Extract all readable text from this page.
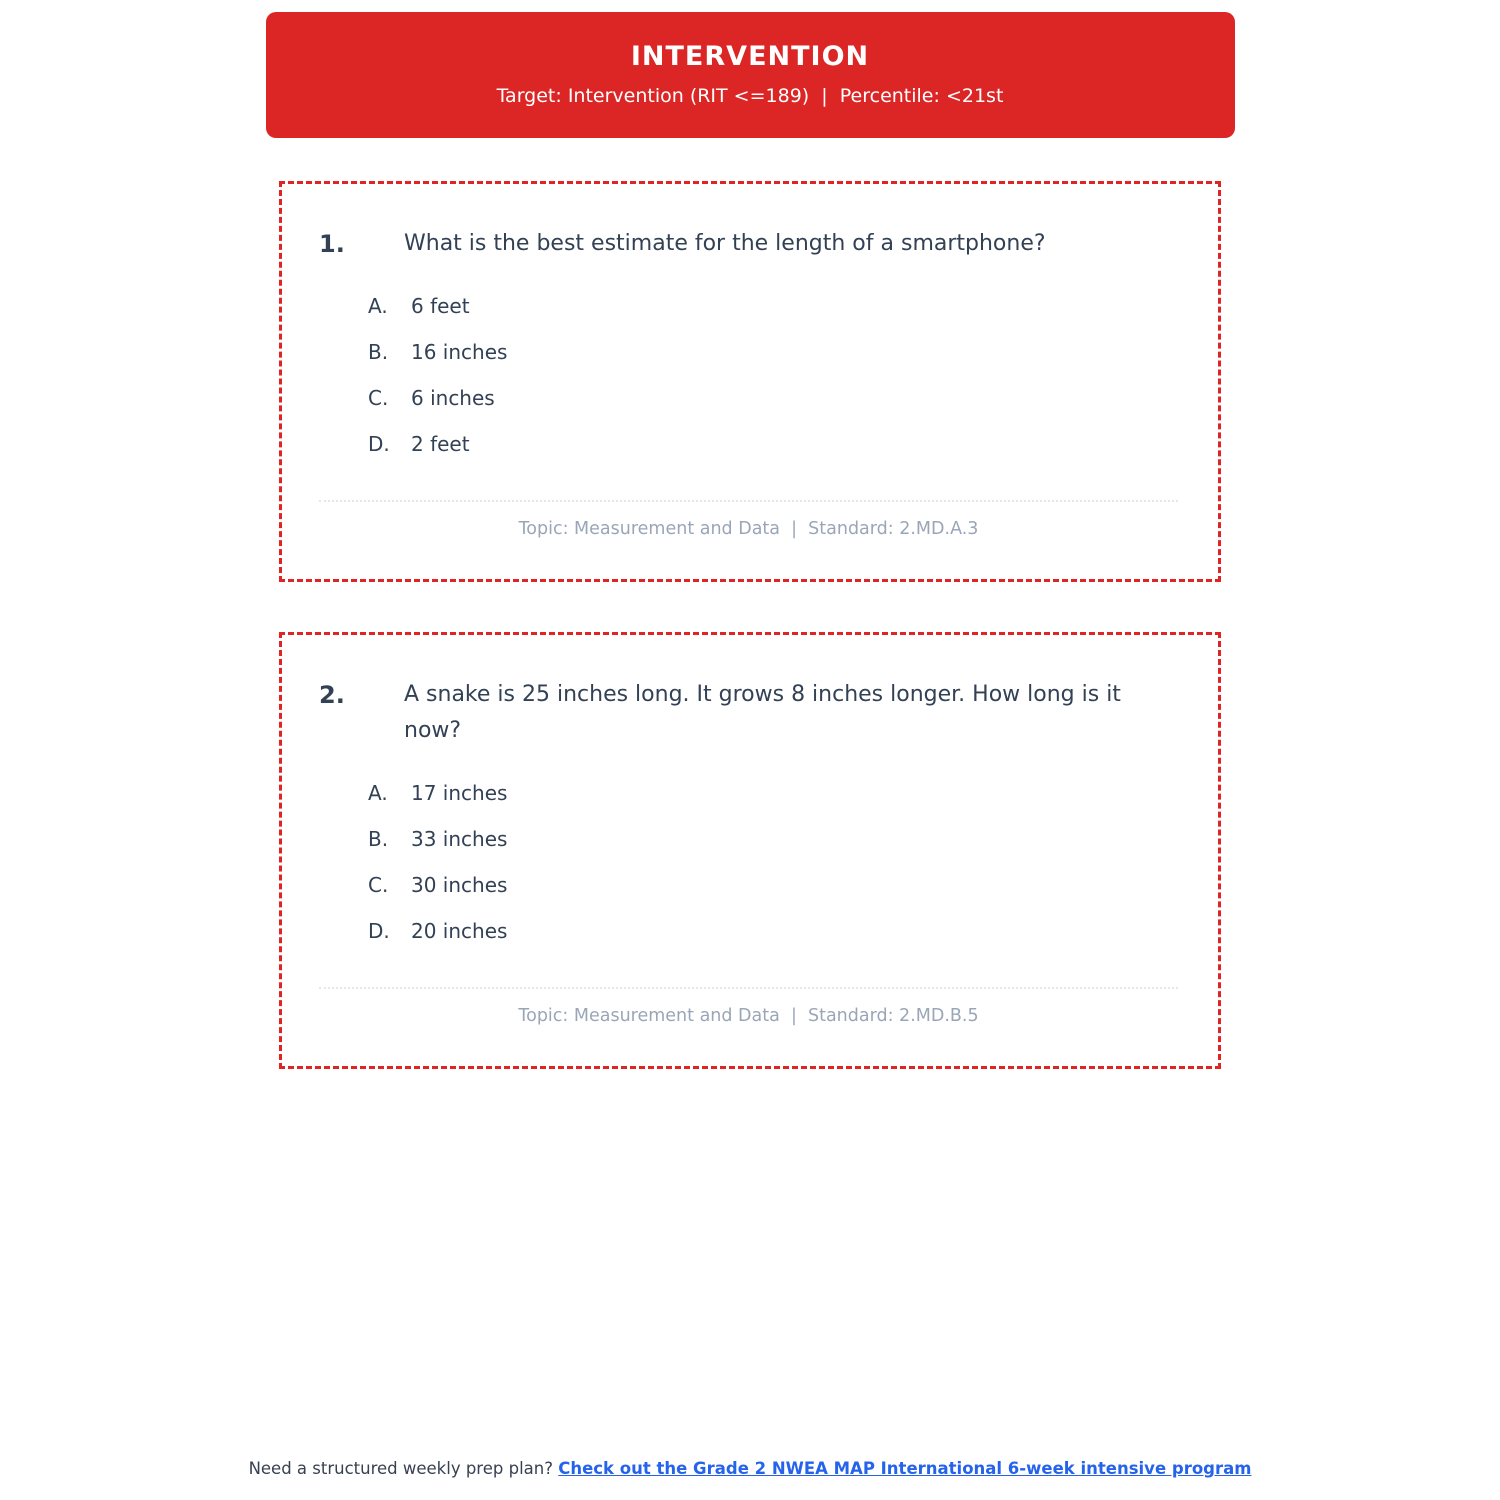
INTERVENTION
Target: Intervention (RIT <=189)  |  Percentile: <21st
1.	What is the best estimate for the length of a smartphone?
A.	6 feet
B.	16 inches
C.	6 inches
D.	2 feet
Topic: Measurement and Data  |  Standard: 2.MD.A.3
2.	A snake is 25 inches long. It grows 8 inches longer. How long is it now?
A.	17 inches
B.	33 inches
C.	30 inches
D.	20 inches
Topic: Measurement and Data  |  Standard: 2.MD.B.5
Need a structured weekly prep plan? Check out the Grade 2 NWEA MAP International 6-week intensive program
